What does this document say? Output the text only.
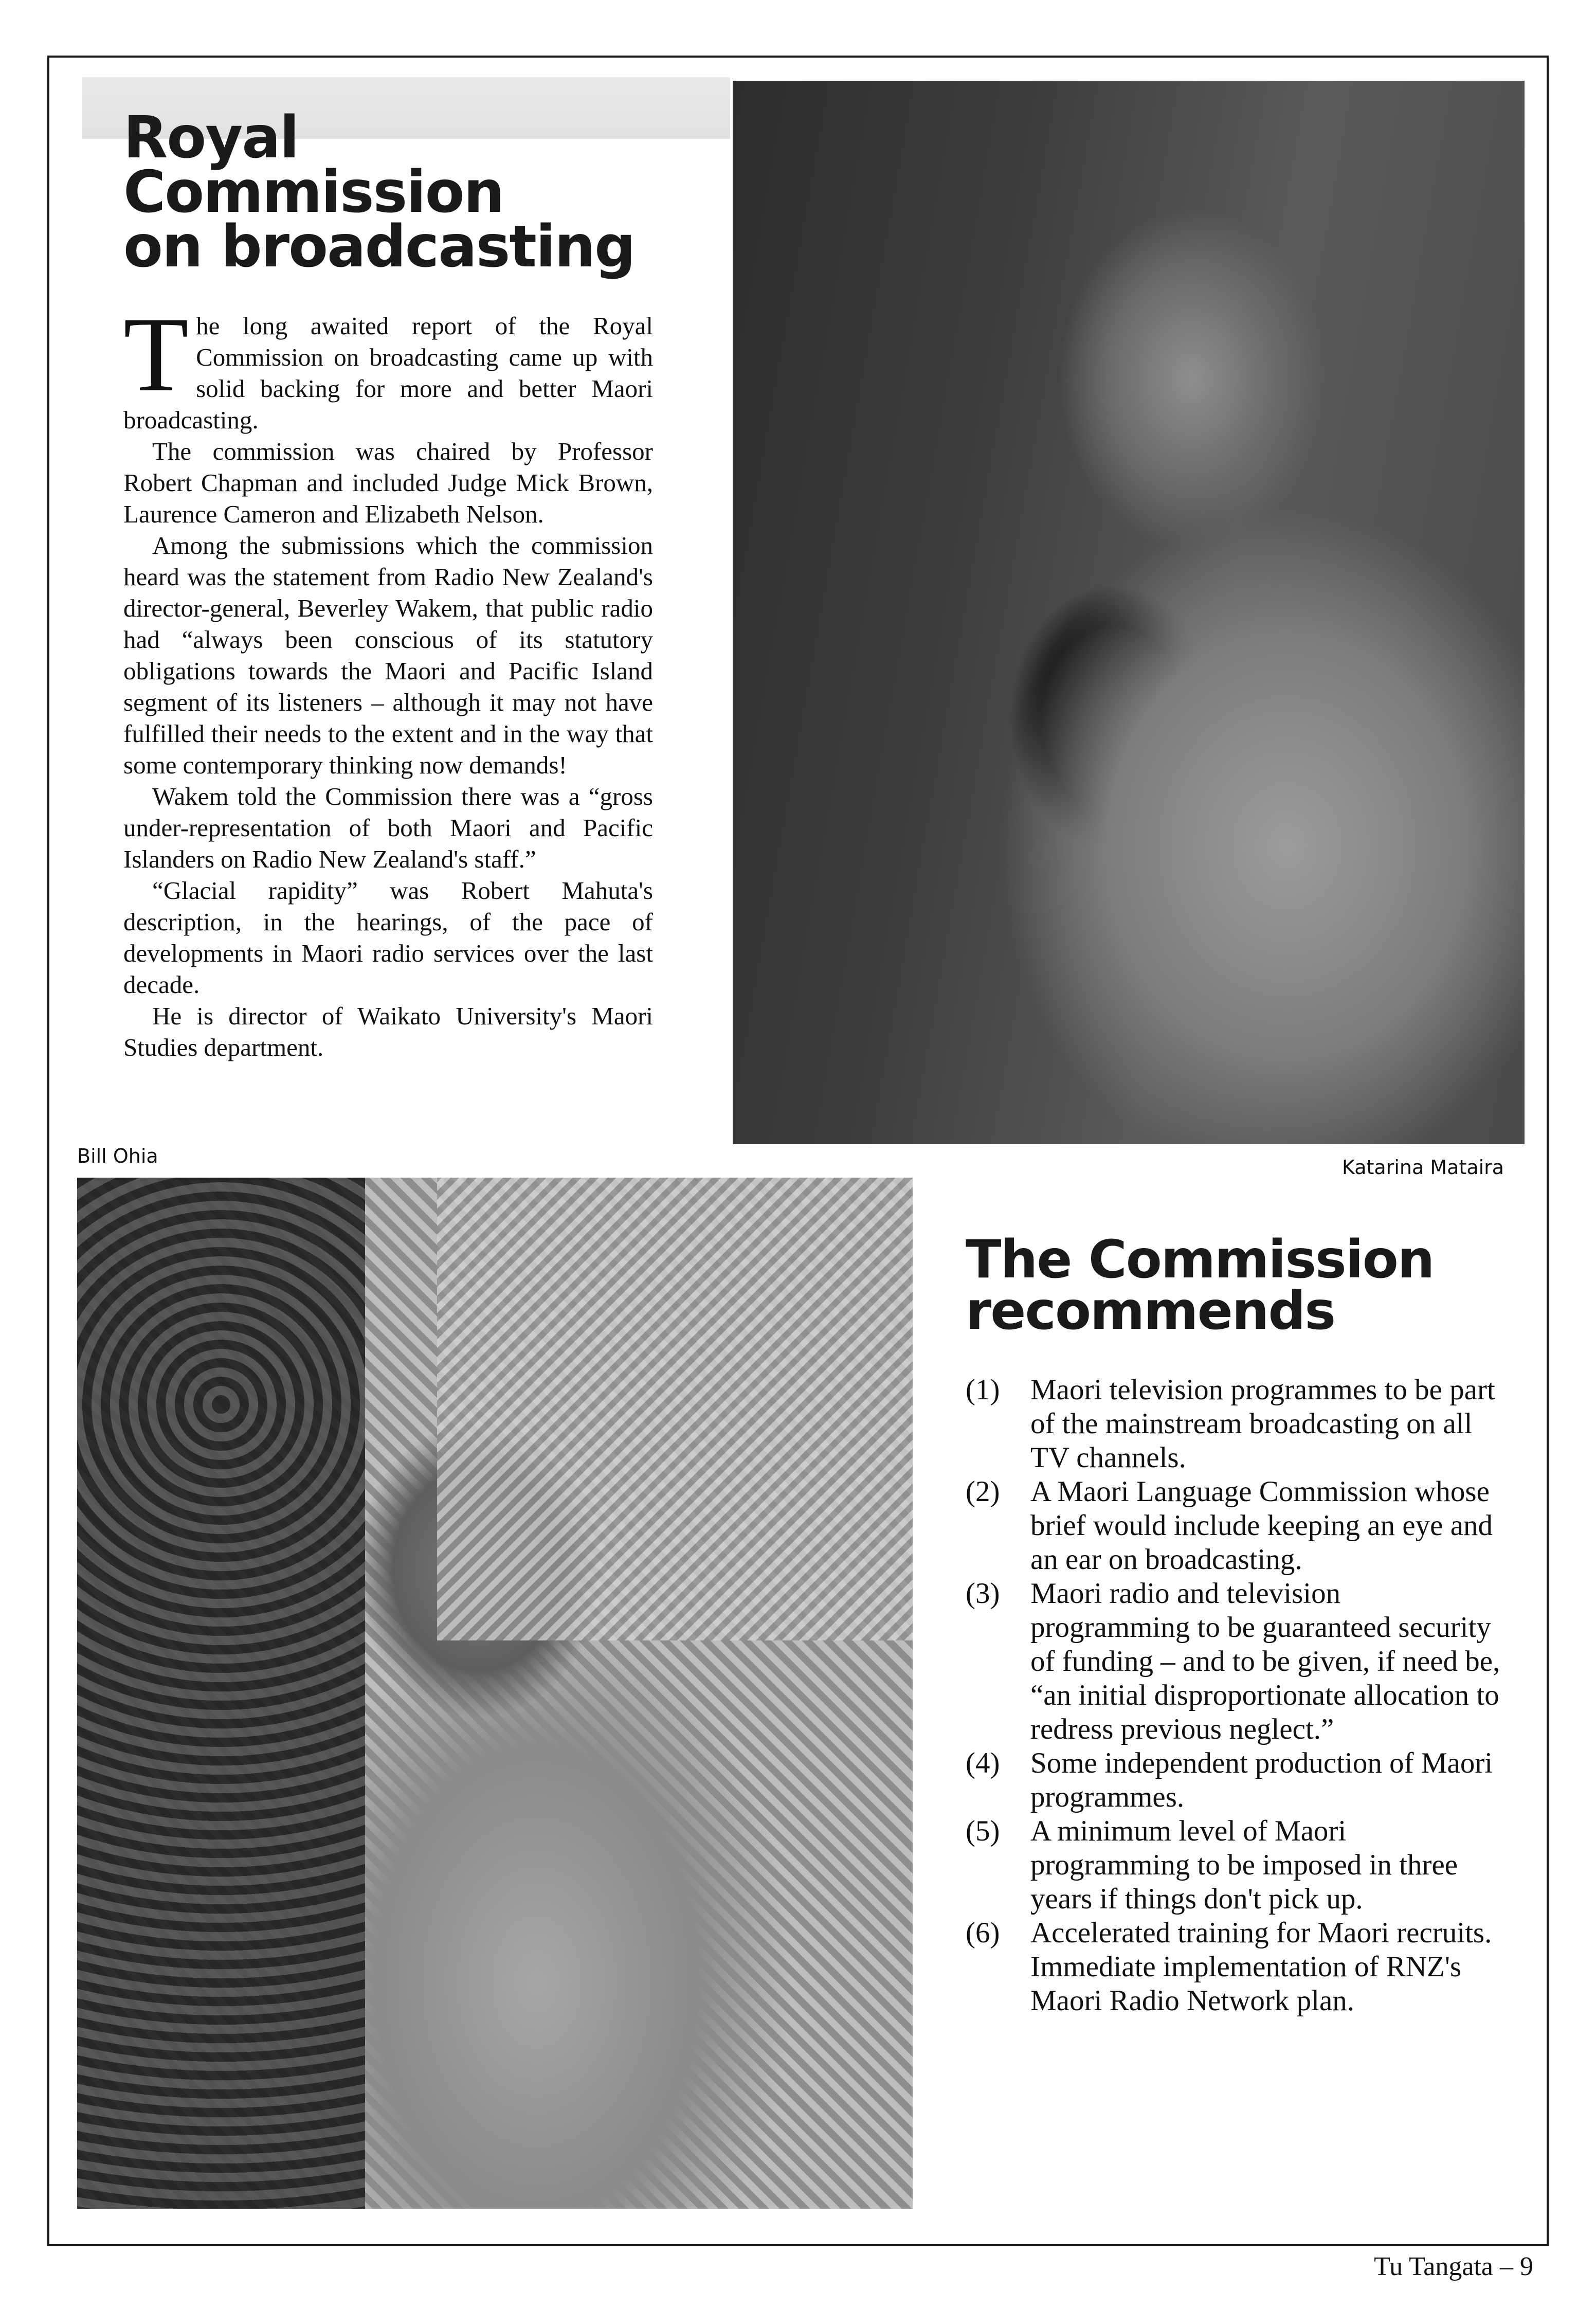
Royal Commission
on broadcasting

The long awaited report of the Royal Commission on broadcasting came up with solid backing for more and better Maori broadcasting.

The commission was chaired by Professor Robert Chapman and included Judge Mick Brown, Laurence Cameron and Elizabeth Nelson.

Among the submissions which the commission heard was the statement from Radio New Zealand's director-general, Beverley Wakem, that public radio had “always been conscious of its statutory obligations towards the Maori and Pacific Island segment of its listeners – although it may not have fulfilled their needs to the extent and in the way that some contemporary thinking now demands!

Wakem told the Commission there was a “gross under-representation of both Maori and Pacific Islanders on Radio New Zealand's staff.”

“Glacial rapidity” was Robert Mahuta's description, in the hearings, of the pace of developments in Maori radio services over the last decade.

He is director of Waikato University's Maori Studies department.

Katarina Mataira
Bill Ohia
The Commission
recommends
(1)	Maori television programmes to be part of the mainstream broadcasting on all TV channels.
(2)	A Maori Language Commission whose brief would include keeping an eye and an ear on broadcasting.
(3)	Maori radio and television programming to be guaranteed security of funding – and to be given, if need be, “an initial disproportionate allocation to redress previous neglect.”
(4)	Some independent production of Maori programmes.
(5)	A minimum level of Maori programming to be imposed in three years if things don't pick up.
(6)	Accelerated training for Maori recruits. Immediate implementation of RNZ's Maori Radio Network plan.
Tu Tangata – 9
